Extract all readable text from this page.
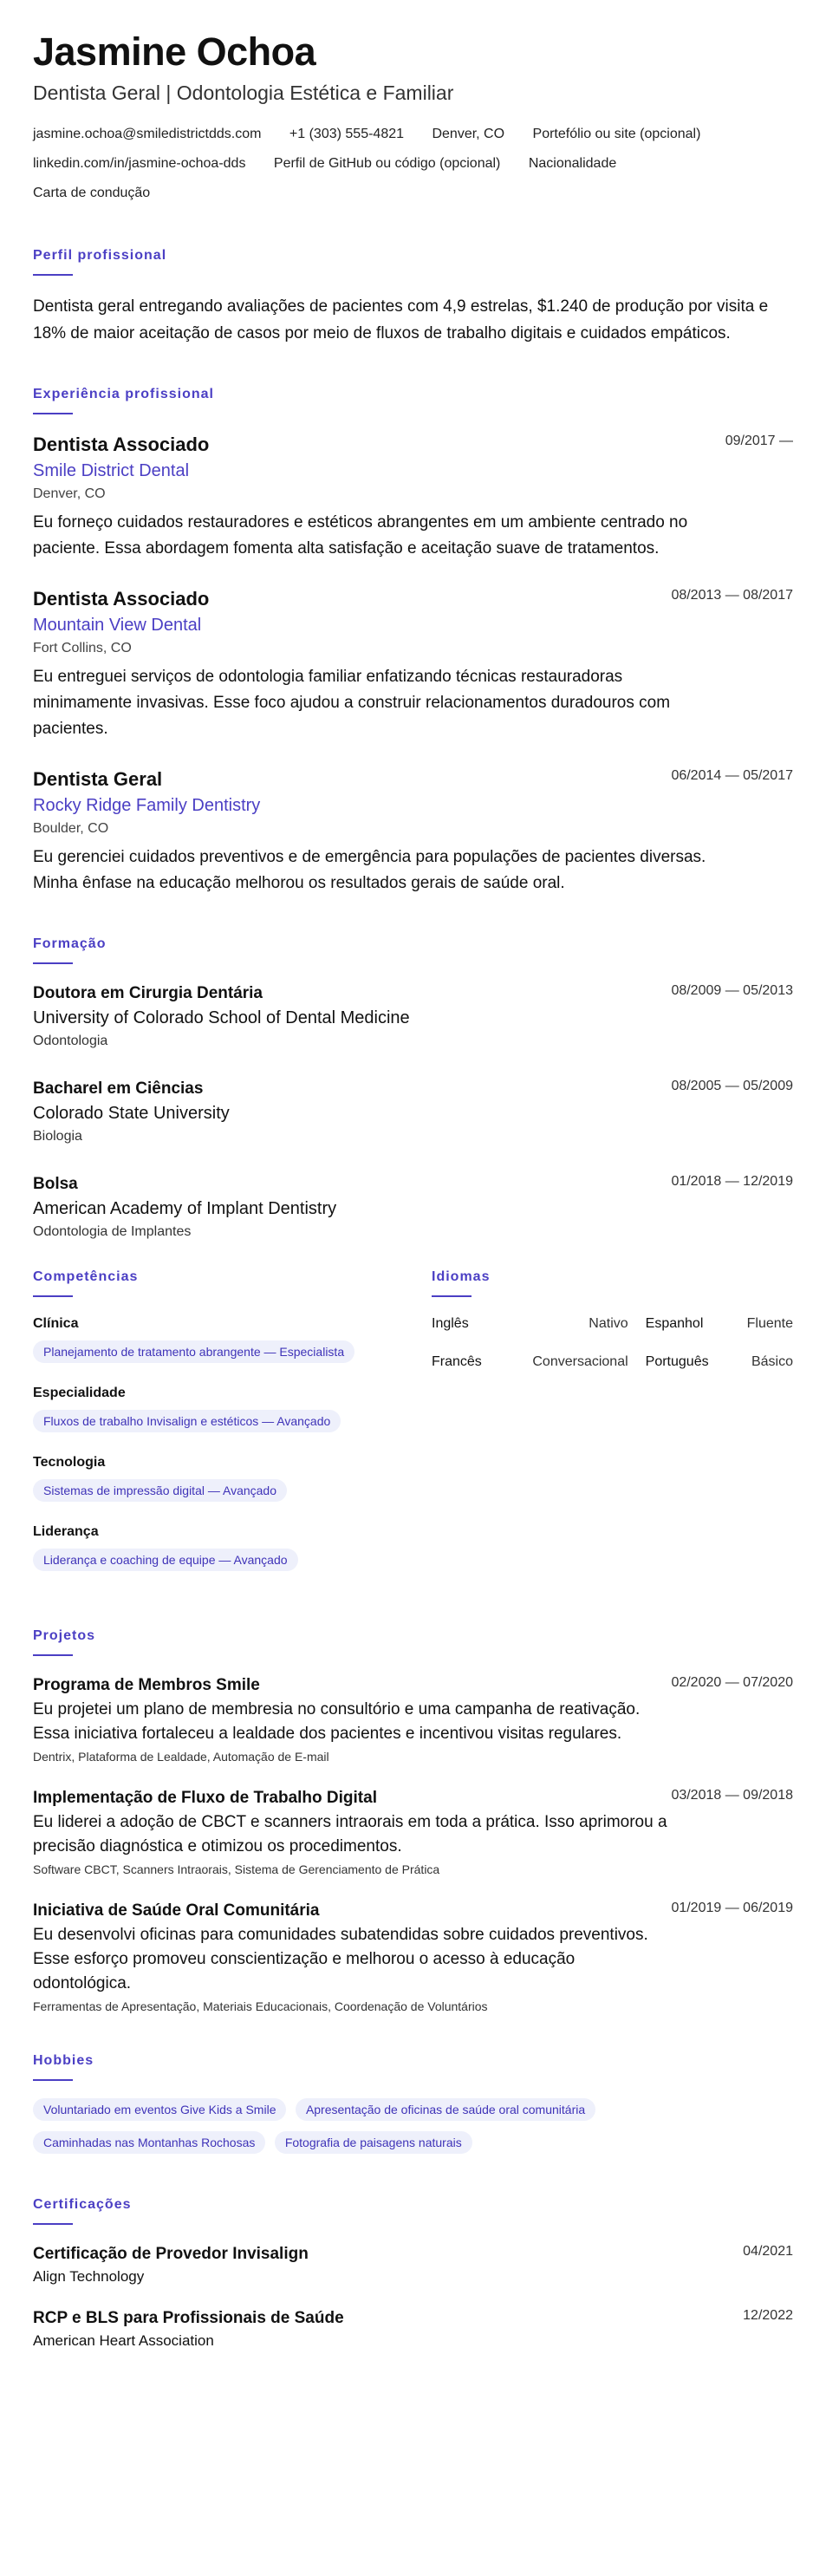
Jasmine Ochoa
Dentista Geral | Odontologia Estética e Familiar
jasmine.ochoa@smiledistrictdds.com +1 (303) 555-4821 Denver, CO Portefólio ou site (opcional)
linkedin.com/in/jasmine-ochoa-dds Perfil de GitHub ou código (opcional) Nacionalidade
Carta de condução
Perfil profissional
Dentista geral entregando avaliações de pacientes com 4,9 estrelas, $1.240 de produção por visita e 18% de maior aceitação de casos por meio de fluxos de trabalho digitais e cuidados empáticos.
Experiência profissional
09/2017 —
Dentista Associado
Smile District Dental
Denver, CO
Eu forneço cuidados restauradores e estéticos abrangentes em um ambiente centrado no paciente. Essa abordagem fomenta alta satisfação e aceitação suave de tratamentos.
08/2013 — 08/2017
Dentista Associado
Mountain View Dental
Fort Collins, CO
Eu entreguei serviços de odontologia familiar enfatizando técnicas restauradoras minimamente invasivas. Esse foco ajudou a construir relacionamentos duradouros com pacientes.
06/2014 — 05/2017
Dentista Geral
Rocky Ridge Family Dentistry
Boulder, CO
Eu gerenciei cuidados preventivos e de emergência para populações de pacientes diversas. Minha ênfase na educação melhorou os resultados gerais de saúde oral.
Formação
08/2009 — 05/2013
Doutora em Cirurgia Dentária
University of Colorado School of Dental Medicine
Odontologia
08/2005 — 05/2009
Bacharel em Ciências
Colorado State University
Biologia
01/2018 — 12/2019
Bolsa
American Academy of Implant Dentistry
Odontologia de Implantes
Competências
Clínica
Planejamento de tratamento abrangente — Especialista
Especialidade
Fluxos de trabalho Invisalign e estéticos — Avançado
Tecnologia
Sistemas de impressão digital — Avançado
Liderança
Liderança e coaching de equipe — Avançado
Idiomas
Inglês	Nativo		Espanhol	Fluente
Francês	Conversacional		Português	Básico
Projetos
02/2020 — 07/2020
Programa de Membros Smile
Eu projetei um plano de membresia no consultório e uma campanha de reativação. Essa iniciativa fortaleceu a lealdade dos pacientes e incentivou visitas regulares.
Dentrix, Plataforma de Lealdade, Automação de E-mail
03/2018 — 09/2018
Implementação de Fluxo de Trabalho Digital
Eu liderei a adoção de CBCT e scanners intraorais em toda a prática. Isso aprimorou a precisão diagnóstica e otimizou os procedimentos.
Software CBCT, Scanners Intraorais, Sistema de Gerenciamento de Prática
01/2019 — 06/2019
Iniciativa de Saúde Oral Comunitária
Eu desenvolvi oficinas para comunidades subatendidas sobre cuidados preventivos. Esse esforço promoveu conscientização e melhorou o acesso à educação odontológica.
Ferramentas de Apresentação, Materiais Educacionais, Coordenação de Voluntários
Hobbies
Voluntariado em eventos Give Kids a Smile Apresentação de oficinas de saúde oral comunitária
Caminhadas nas Montanhas Rochosas Fotografia de paisagens naturais
Certificações
04/2021
Certificação de Provedor Invisalign
Align Technology
12/2022
RCP e BLS para Profissionais de Saúde
American Heart Association
